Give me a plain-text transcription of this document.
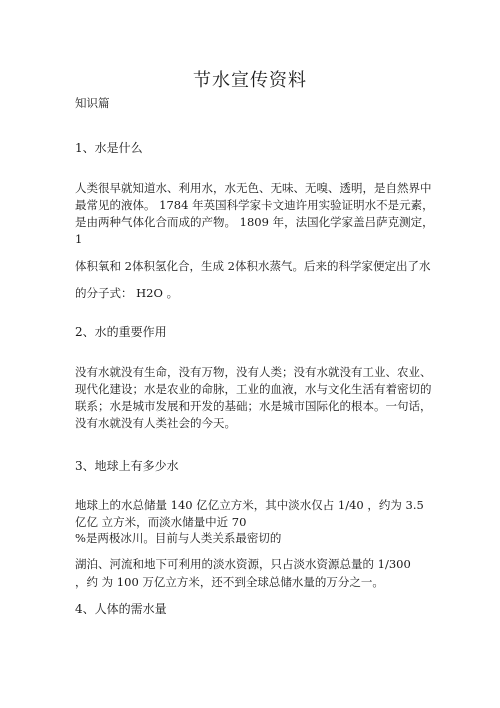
节水宣传资料
知识篇
1、水是什么
人类很早就知道水、利用水，水无色、无味、无嗅、透明，是自然界中
最常见的液体。 1784 年英国科学家卡文迪许用实验证明水不是元素，
是由两种气体化合而成的产物。 1809 年，法国化学家盖吕萨克测定，
1
体积氧和 2体积氢化合，生成 2体积水蒸气。后来的科学家便定出了水
的分子式： H2O 。
2、水的重要作用
没有水就没有生命，没有万物，没有人类；没有水就没有工业、农业、
现代化建设；水是农业的命脉，工业的血液，水与文化生活有着密切的
联系；水是城市发展和开发的基础；水是城市国际化的根本。一句话，
没有水就没有人类社会的今天。
3、地球上有多少水
地球上的水总储量 140 亿亿立方米，其中淡水仅占 1/40 ，约为 3.5
亿亿 立方米，而淡水储量中近 70
%是两极冰川。目前与人类关系最密切的
湖泊、河流和地下可利用的淡水资源，只占淡水资源总量的 1/300
，约 为 100 万亿立方米，还不到全球总储水量的万分之一。
4、人体的需水量
